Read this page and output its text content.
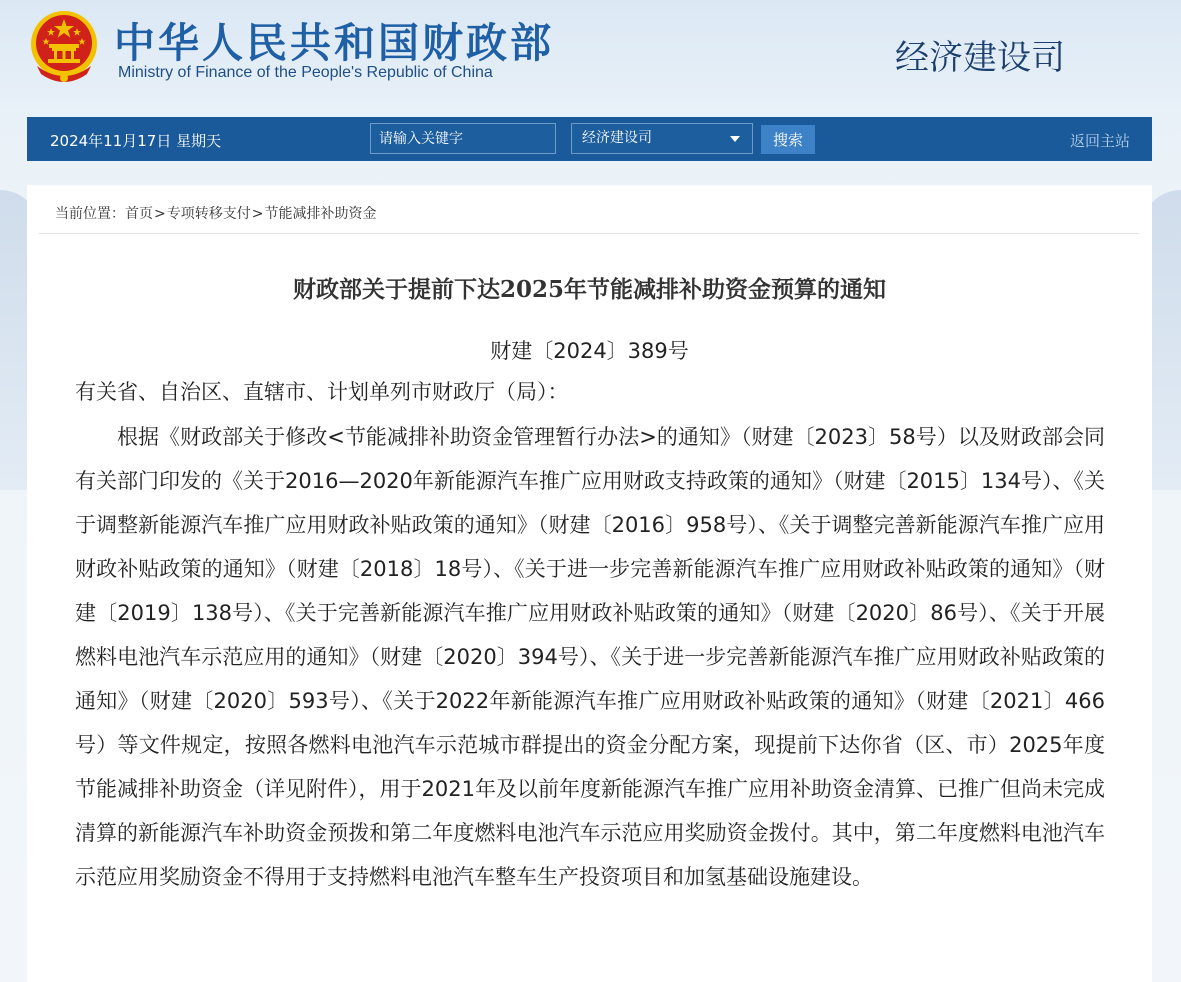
中华人民共和国财政部
Ministry of Finance of the People's Republic of China	经济建设司
2024年11月17日 星期天
请输入关键字	经济建设司	搜索	返回主站
当前位置：首页>专项转移支付>节能减排补助资金
财政部关于提前下达2025年节能减排补助资金预算的通知
财建〔2024〕389号
有关省、自治区、直辖市、计划单列市财政厅（局）：

根据《财政部关于修改<节能减排补助资金管理暂行办法>的通知》（财建〔2023〕58号）以及财政部会同有关部门印发的《关于2016—2020年新能源汽车推广应用财政支持政策的通知》（财建〔2015〕134号）、《关于调整新能源汽车推广应用财政补贴政策的通知》（财建〔2016〕958号）、《关于调整完善新能源汽车推广应用财政补贴政策的通知》（财建〔2018〕18号）、《关于进一步完善新能源汽车推广应用财政补贴政策的通知》（财建〔2019〕138号）、《关于完善新能源汽车推广应用财政补贴政策的通知》（财建〔2020〕86号）、《关于开展燃料电池汽车示范应用的通知》（财建〔2020〕394号）、《关于进一步完善新能源汽车推广应用财政补贴政策的通知》（财建〔2020〕593号）、《关于2022年新能源汽车推广应用财政补贴政策的通知》（财建〔2021〕466号）等文件规定，按照各燃料电池汽车示范城市群提出的资金分配方案，现提前下达你省（区、市）2025年度节能减排补助资金（详见附件），用于2021年及以前年度新能源汽车推广应用补助资金清算、已推广但尚未完成清算的新能源汽车补助资金预拨和第二年度燃料电池汽车示范应用奖励资金拨付。其中，第二年度燃料电池汽车示范应用奖励资金不得用于支持燃料电池汽车整车生产投资项目和加氢基础设施建设。
